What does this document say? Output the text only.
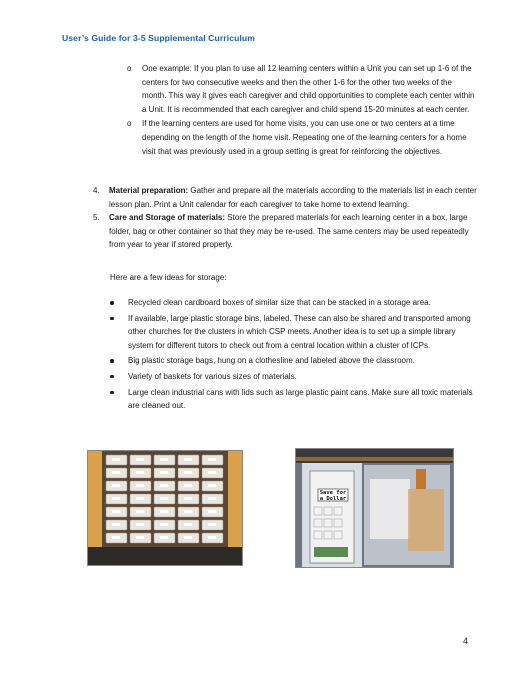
User’s Guide for 3-5 Supplemental Curriculum
o One example: If you plan to use all 12 learning centers within a Unit you can set up 1-6 of the centers for two consecutive weeks and then the other 1-6 for the other two weeks of the month. This way it gives each caregiver and child opportunities to complete each center within a Unit. It is recommended that each caregiver and child spend 15-20 minutes at each center.
o If the learning centers are used for home visits, you can use one or two centers at a time depending on the length of the home visit. Repeating one of the learning centers for a home visit that was previously used in a group setting is great for reinforcing the objectives.
4. Material preparation: Gather and prepare all the materials according to the materials list in each center lesson plan. Print a Unit calendar for each caregiver to take home to extend learning.
5. Care and Storage of materials: Store the prepared materials for each learning center in a box, large folder, bag or other container so that they may be re-used. The same centers may be used repeatedly from year to year if stored properly.
Here are a few ideas for storage:
Recycled clean cardboard boxes of similar size that can be stacked in a storage area.
If available, large plastic storage bins, labeled. These can also be shared and transported among other churches for the clusters in which CSP meets. Another idea is to set up a simple library system for different tutors to check out from a central location within a cluster of ICPs.
Big plastic storage bags, hung on a clothesline and labeled above the classroom.
Variety of baskets for various sizes of materials.
Large clean industrial cans with lids such as large plastic paint cans. Make sure all toxic materials are cleaned out.
Save for
a Dollar
4
